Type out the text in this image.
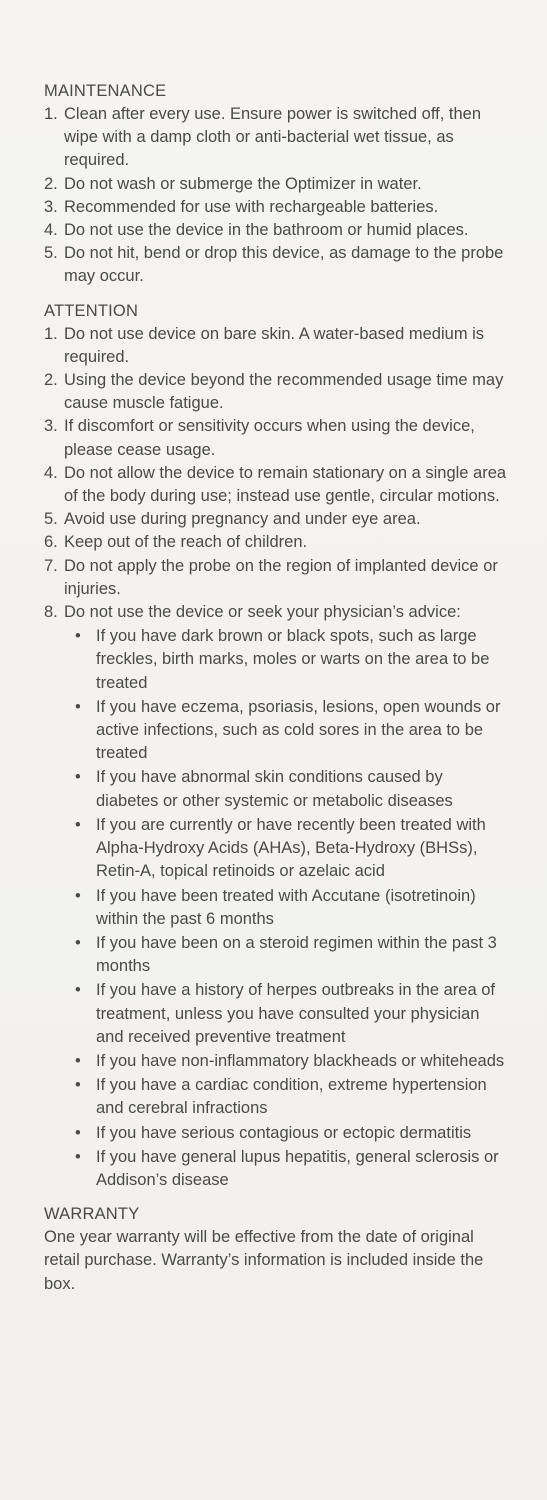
MAINTENANCE
1. Clean after every use. Ensure power is switched off, then wipe with a damp cloth or anti-bacterial wet tissue, as required.
2. Do not wash or submerge the Optimizer in water.
3. Recommended for use with rechargeable batteries.
4. Do not use the device in the bathroom or humid places.
5. Do not hit, bend or drop this device, as damage to the probe may occur.
ATTENTION
1. Do not use device on bare skin. A water-based medium is required.
2. Using the device beyond the recommended usage time may cause muscle fatigue.
3. If discomfort or sensitivity occurs when using the device, please cease usage.
4. Do not allow the device to remain stationary on a single area of the body during use; instead use gentle, circular motions.
5. Avoid use during pregnancy and under eye area.
6. Keep out of the reach of children.
7. Do not apply the probe on the region of implanted device or injuries.
8. Do not use the device or seek your physician’s advice:
• If you have dark brown or black spots, such as large freckles, birth marks, moles or warts on the area to be treated
• If you have eczema, psoriasis, lesions, open wounds or active infections, such as cold sores in the area to be treated
• If you have abnormal skin conditions caused by diabetes or other systemic or metabolic diseases
• If you are currently or have recently been treated with Alpha-Hydroxy Acids (AHAs), Beta-Hydroxy (BHSs), Retin-A, topical retinoids or azelaic acid
• If you have been treated with Accutane (isotretinoin) within the past 6 months
• If you have been on a steroid regimen within the past 3 months
• If you have a history of herpes outbreaks in the area of treatment, unless you have consulted your physician and received preventive treatment
• If you have non-inflammatory blackheads or whiteheads
• If you have a cardiac condition, extreme hypertension and cerebral infractions
• If you have serious contagious or ectopic dermatitis
• If you have general lupus hepatitis, general sclerosis or Addison’s disease
WARRANTY

One year warranty will be effective from the date of original retail purchase. Warranty’s information is included inside the box.
